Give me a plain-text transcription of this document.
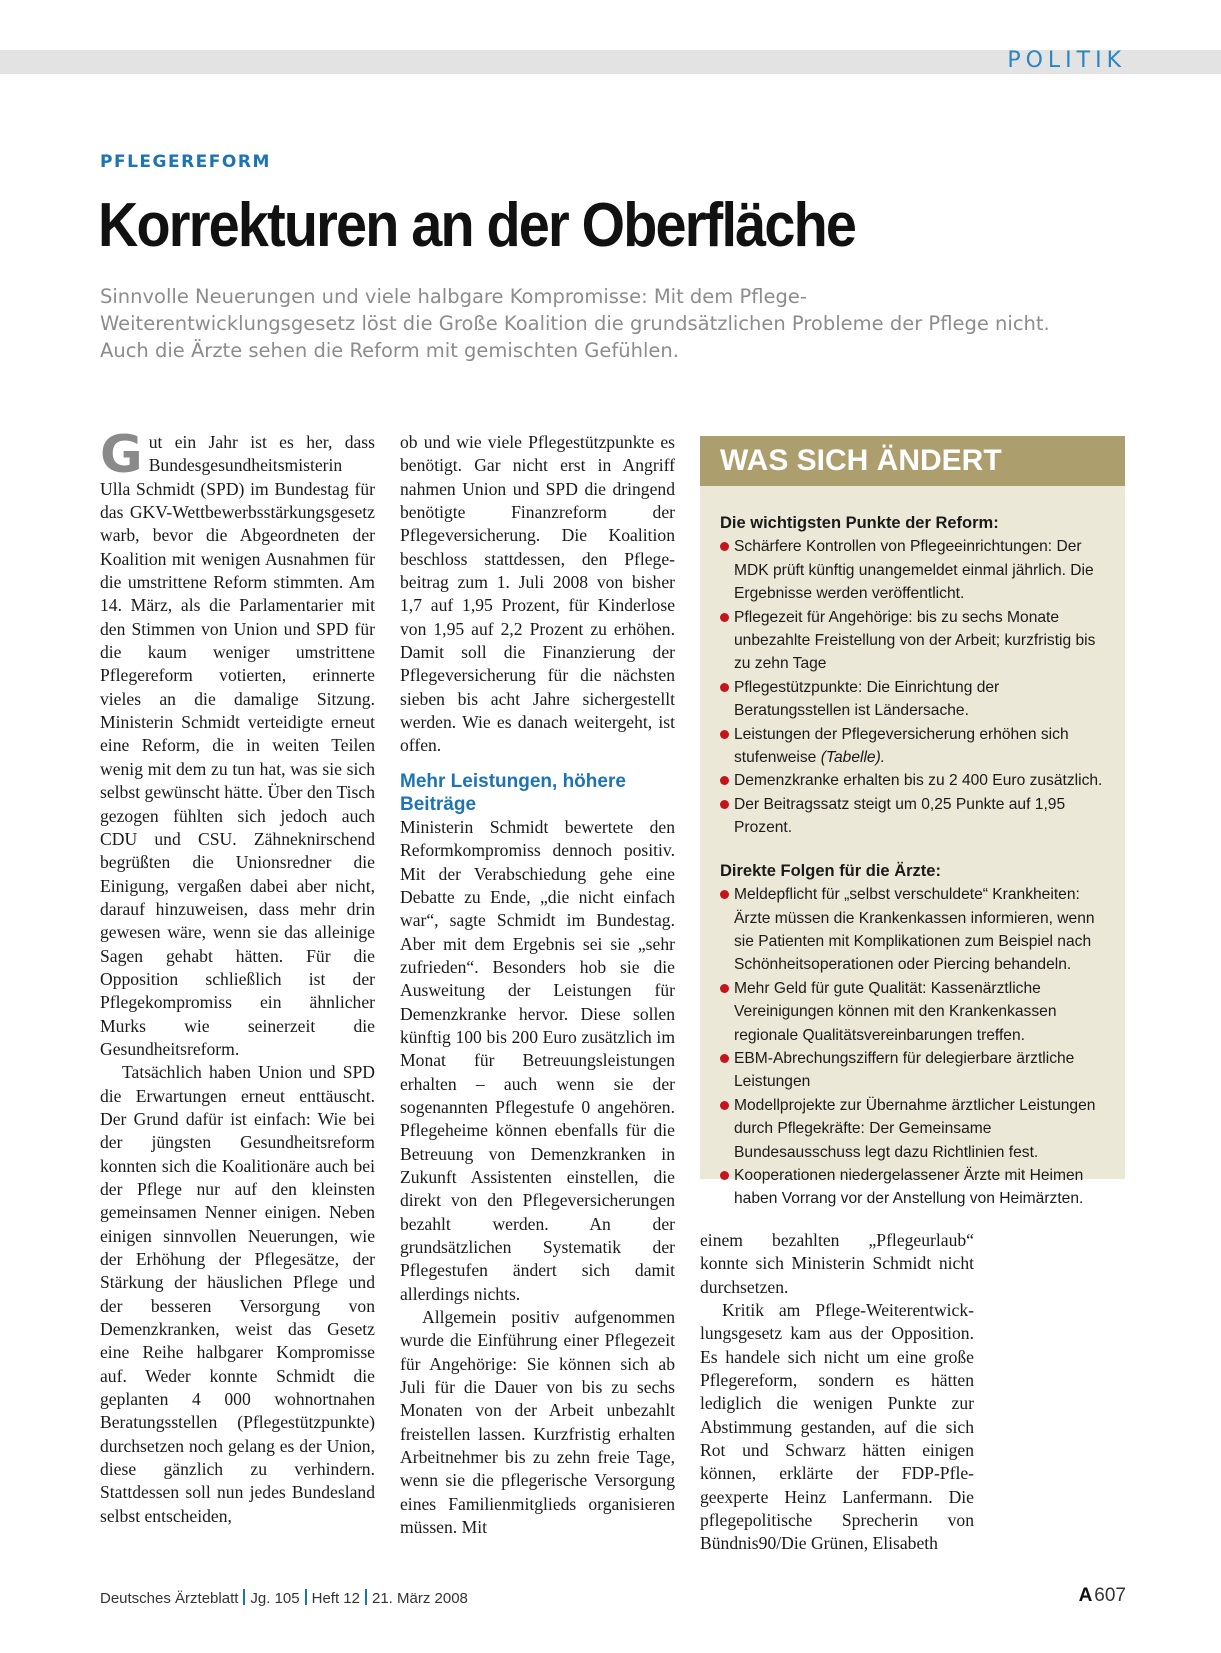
POLITIK
PFLEGEREFORM
Korrekturen an der Oberfläche

Sinnvolle Neuerungen und viele halbgare Kompromisse: Mit dem Pflege-Weiterentwicklungsgesetz löst die Große Koalition die grundsätzlichen Probleme der Pflege nicht. Auch die Ärzte sehen die Reform mit gemischten Gefühlen.

Gut ein Jahr ist es her, dass Bundesgesundheitsmisterin Ulla Schmidt (SPD) im Bundestag für das GKV-Wettbewerbsstärkungsgesetz warb, bevor die Abgeordneten der Koalition mit wenigen Ausnahmen für die umstrittene Reform stimmten. Am 14. März, als die Parlamentarier mit den Stimmen von Union und SPD für die kaum weniger umstrittene Pflegereform votierten, erinnerte vieles an die damalige Sitzung. Ministerin Schmidt verteidigte erneut eine Reform, die in weiten Teilen wenig mit dem zu tun hat, was sie sich selbst gewünscht hätte. Über den Tisch gezogen fühlten sich jedoch auch CDU und CSU. Zähneknirschend begrüßten die Unionsredner die Einigung, vergaßen dabei aber nicht, darauf hinzuweisen, dass mehr drin gewesen wäre, wenn sie das alleinige Sagen gehabt hätten. Für die Opposition schließlich ist der Pflegekompromiss ein ähnlicher Murks wie seinerzeit die Gesundheitsreform.

Tatsächlich haben Union und SPD die Erwartungen erneut enttäuscht. Der Grund dafür ist einfach: Wie bei der jüngsten Gesundheitsreform konnten sich die Koalitionäre auch bei der Pflege nur auf den kleinsten gemeinsamen Nenner einigen. Neben einigen sinnvollen Neuerungen, wie der Erhöhung der Pflegesätze, der Stärkung der häuslichen Pflege und der besseren Versorgung von Demenzkranken, weist das Gesetz eine Reihe halbgarer Kompromisse auf. Weder konnte Schmidt die geplanten 4 000 wohnortnahen Beratungsstellen (Pflegestützpunkte) durchsetzen noch gelang es der Union, diese gänzlich zu verhindern. Stattdessen soll nun jedes Bundesland selbst entscheiden,

ob und wie viele Pflegestützpunkte es benötigt. Gar nicht erst in Angriff nahmen Union und SPD die dringend benötigte Finanzreform der Pflegeversicherung. Die Koalition beschloss stattdessen, den Pflegebeitrag zum 1. Juli 2008 von bisher 1,7 auf 1,95 Prozent, für Kinderlose von 1,95 auf 2,2 Prozent zu erhöhen. Damit soll die Finanzierung der Pflegeversicherung für die nächsten sieben bis acht Jahre sichergestellt werden. Wie es danach weitergeht, ist offen.

Mehr Leistungen, höhere Beiträge

Ministerin Schmidt bewertete den Reformkompromiss dennoch positiv. Mit der Verabschiedung gehe eine Debatte zu Ende, „die nicht einfach war“, sagte Schmidt im Bundestag. Aber mit dem Ergebnis sei sie „sehr zufrieden“. Besonders hob sie die Ausweitung der Leistungen für Demenzkranke hervor. Diese sollen künftig 100 bis 200 Euro zusätzlich im Monat für Betreuungsleistungen erhalten – auch wenn sie der sogenannten Pflegestufe 0 angehören. Pflegeheime können ebenfalls für die Betreuung von Demenzkranken in Zukunft Assistenten einstellen, die direkt von den Pflegeversicherungen bezahlt werden. An der grundsätzlichen Systematik der Pflegestufen ändert sich damit allerdings nichts.

Allgemein positiv aufgenommen wurde die Einführung einer Pflegezeit für Angehörige: Sie können sich ab Juli für die Dauer von bis zu sechs Monaten von der Arbeit unbezahlt freistellen lassen. Kurzfristig erhalten Arbeitnehmer bis zu zehn freie Tage, wenn sie die pflegerische Versorgung eines Familienmitglieds organisieren müssen. Mit

WAS SICH ÄNDERT
Die wichtigsten Punkte der Reform:
Schärfere Kontrollen von Pflegeeinrichtungen: Der MDK prüft künftig unangemeldet einmal jährlich. Die Ergebnisse werden veröffentlicht.
Pflegezeit für Angehörige: bis zu sechs Monate unbezahlte Freistellung von der Arbeit; kurzfristig bis zu zehn Tage
Pflegestützpunkte: Die Einrichtung der Beratungsstellen ist Ländersache.
Leistungen der Pflegeversicherung erhöhen sich stufenweise (Tabelle).
Demenzkranke erhalten bis zu 2 400 Euro zusätzlich.
Der Beitragssatz steigt um 0,25 Punkte auf 1,95 Prozent.
Direkte Folgen für die Ärzte:
Meldepflicht für „selbst verschuldete“ Krankheiten: Ärzte müssen die Krankenkassen informieren, wenn sie Patienten mit Komplikationen zum Beispiel nach Schönheitsoperationen oder Piercing behandeln.
Mehr Geld für gute Qualität: Kassenärztliche Vereinigungen können mit den Krankenkassen regionale Qualitätsvereinbarungen treffen.
EBM-Abrechungsziffern für delegierbare ärztliche Leistungen
Modellprojekte zur Übernahme ärztlicher Leistungen durch Pflegekräfte: Der Gemeinsame Bundesausschuss legt dazu Richtlinien fest.
Kooperationen niedergelassener Ärzte mit Heimen haben Vorrang vor der Anstellung von Heimärzten.

einem bezahlten „Pflegeurlaub“ konnte sich Ministerin Schmidt nicht durchsetzen.

Kritik am Pflege-Weiterentwicklungsgesetz kam aus der Opposition. Es handele sich nicht um eine große Pflegereform, sondern es hätten lediglich die wenigen Punkte zur Abstimmung gestanden, auf die sich Rot und Schwarz hätten einigen können, erklärte der FDP-Pflegeexperte Heinz Lanfermann. Die pflegepolitische Sprecherin von Bündnis90/Die Grünen, Elisabeth

Deutsches Ärzteblatt Jg. 105 Heft 12 21. März 2008	A 607
